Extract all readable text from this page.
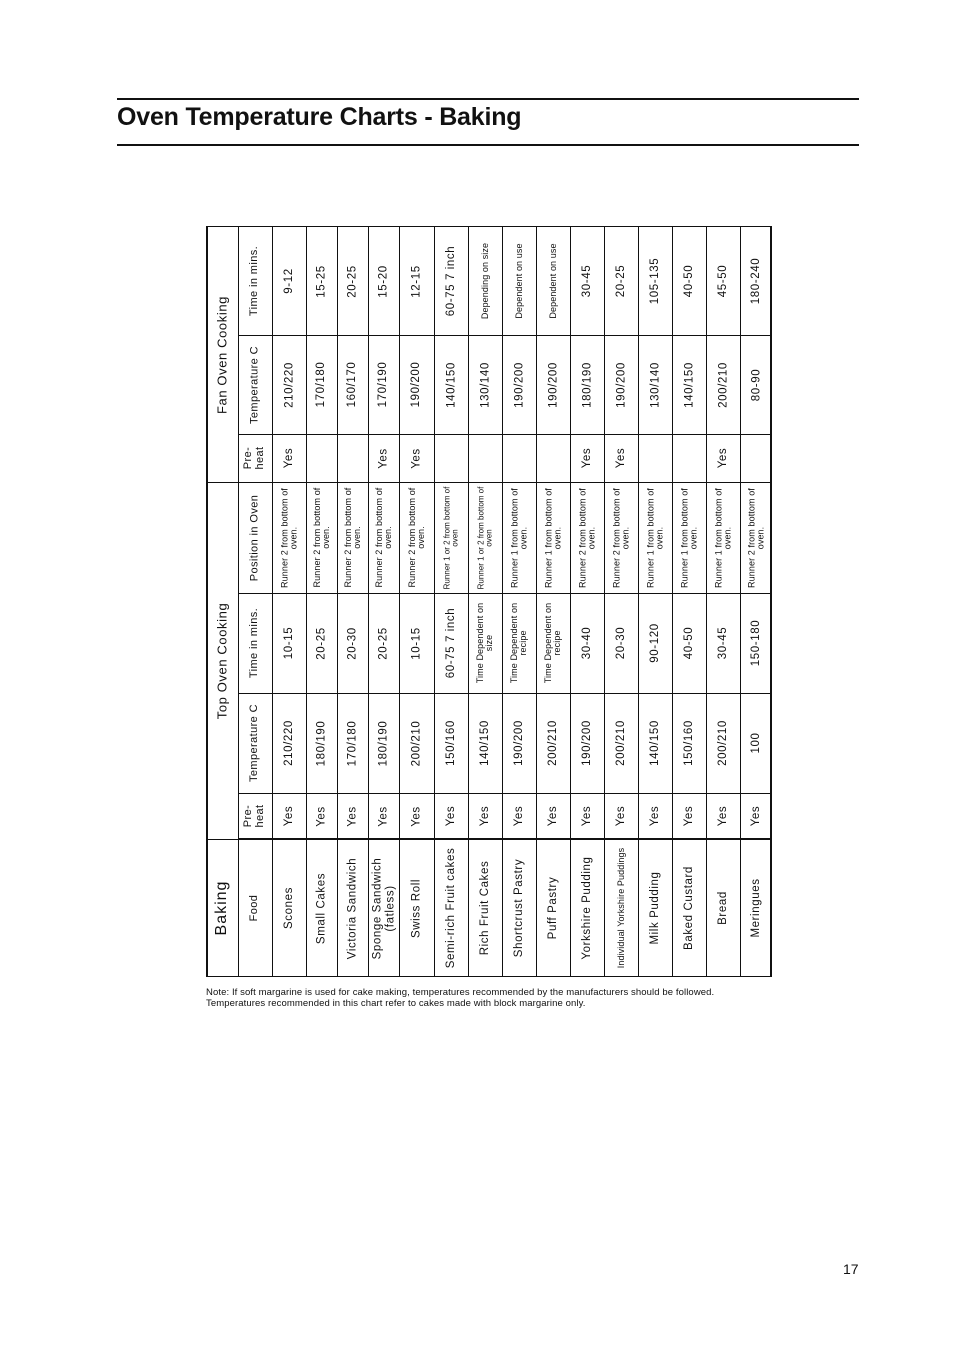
Oven Temperature Charts - Baking
Fan Oven Cooking
Top Oven Cooking
Baking
Time in mins.
Temperature C
Pre-heat
Position in Oven
Time in mins.
Temperature C
Pre-heat
Food
9-12
210/220
Yes
Runner 2 from bottom of oven.
10-15
210/220
Yes
Scones
15-25
170/180
Runner 2 from bottom of oven.
20-25
180/190
Yes
Small Cakes
20-25
160/170
Runner 2 from bottom of oven.
20-30
170/180
Yes
Victoria Sandwich
15-20
170/190
Yes
Runner 2 from bottom of oven.
20-25
180/190
Yes
Sponge Sandwich (fatless)
12-15
190/200
Yes
Runner 2 from bottom of oven.
10-15
200/210
Yes
Swiss Roll
60-75 7 inch
140/150
Runner 1 or 2 from bottom of oven
60-75 7 inch
150/160
Yes
Semi-rich Fruit cakes
Depending on size
130/140
Runner 1 or 2 from bottom of oven
Time Dependent on size
140/150
Yes
Rich Fruit Cakes
Dependent on use
190/200
Runner 1 from bottom of oven.
Time Dependent on recipe
190/200
Yes
Shortcrust Pastry
Dependent on use
190/200
Runner 1 from bottom of oven.
Time Dependent on recipe
200/210
Yes
Puff Pastry
30-45
180/190
Yes
Runner 2 from bottom of oven.
30-40
190/200
Yes
Yorkshire Pudding
20-25
190/200
Yes
Runner 2 from bottom of oven.
20-30
200/210
Yes
Individual Yorkshire Puddings
105-135
130/140
Runner 1 from bottom of oven.
90-120
140/150
Yes
Milk Pudding
40-50
140/150
Runner 1 from bottom of oven.
40-50
150/160
Yes
Baked Custard
45-50
200/210
Yes
Runner 1 from bottom of oven.
30-45
200/210
Yes
Bread
180-240
80-90
Runner 2 from bottom of oven.
150-180
100
Yes
Meringues
Note: If soft margarine is used for cake making, temperatures recommended by the manufacturers should be followed. Temperatures recommended in this chart refer to cakes made with block margarine only.
17
